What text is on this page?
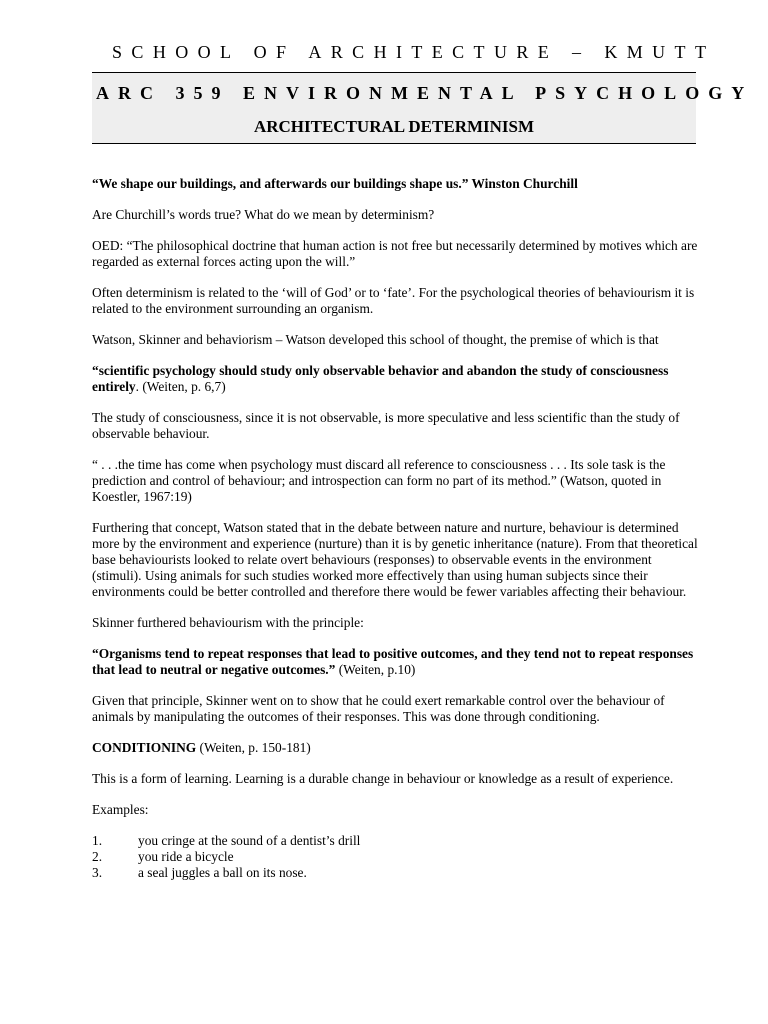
SCHOOL OF ARCHITECTURE – KMUTT
ARC 359 ENVIRONMENTAL PSYCHOLOGY
ARCHITECTURAL DETERMINISM

“We shape our buildings, and afterwards our buildings shape us.” Winston Churchill

Are Churchill’s words true? What do we mean by determinism?

OED: “The philosophical doctrine that human action is not free but necessarily determined by motives which are regarded as external forces acting upon the will.”

Often determinism is related to the ‘will of God’ or to ‘fate’. For the psychological theories of behaviourism it is related to the environment surrounding an organism.

Watson, Skinner and behaviorism – Watson developed this school of thought, the premise of which is that

“scientific psychology should study only observable behavior and abandon the study of consciousness entirely. (Weiten, p. 6,7)

The study of consciousness, since it is not observable, is more speculative and less scientific than the study of observable behaviour.

“ . . .the time has come when psychology must discard all reference to consciousness . . . Its sole task is the prediction and control of behaviour; and introspection can form no part of its method.” (Watson, quoted in Koestler, 1967:19)

Furthering that concept, Watson stated that in the debate between nature and nurture, behaviour is determined more by the environment and experience (nurture) than it is by genetic inheritance (nature). From that theoretical base behaviourists looked to relate overt behaviours (responses) to observable events in the environment (stimuli). Using animals for such studies worked more effectively than using human subjects since their environments could be better controlled and therefore there would be fewer variables affecting their behaviour.

Skinner furthered behaviourism with the principle:

“Organisms tend to repeat responses that lead to positive outcomes, and they tend not to repeat responses that lead to neutral or negative outcomes.” (Weiten, p.10)

Given that principle, Skinner went on to show that he could exert remarkable control over the behaviour of animals by manipulating the outcomes of their responses. This was done through conditioning.

CONDITIONING (Weiten, p. 150-181)

This is a form of learning. Learning is a durable change in behaviour or knowledge as a result of experience.

Examples:

1.	you cringe at the sound of a dentist’s drill
2.	you ride a bicycle
3.	a seal juggles a ball on its nose.
